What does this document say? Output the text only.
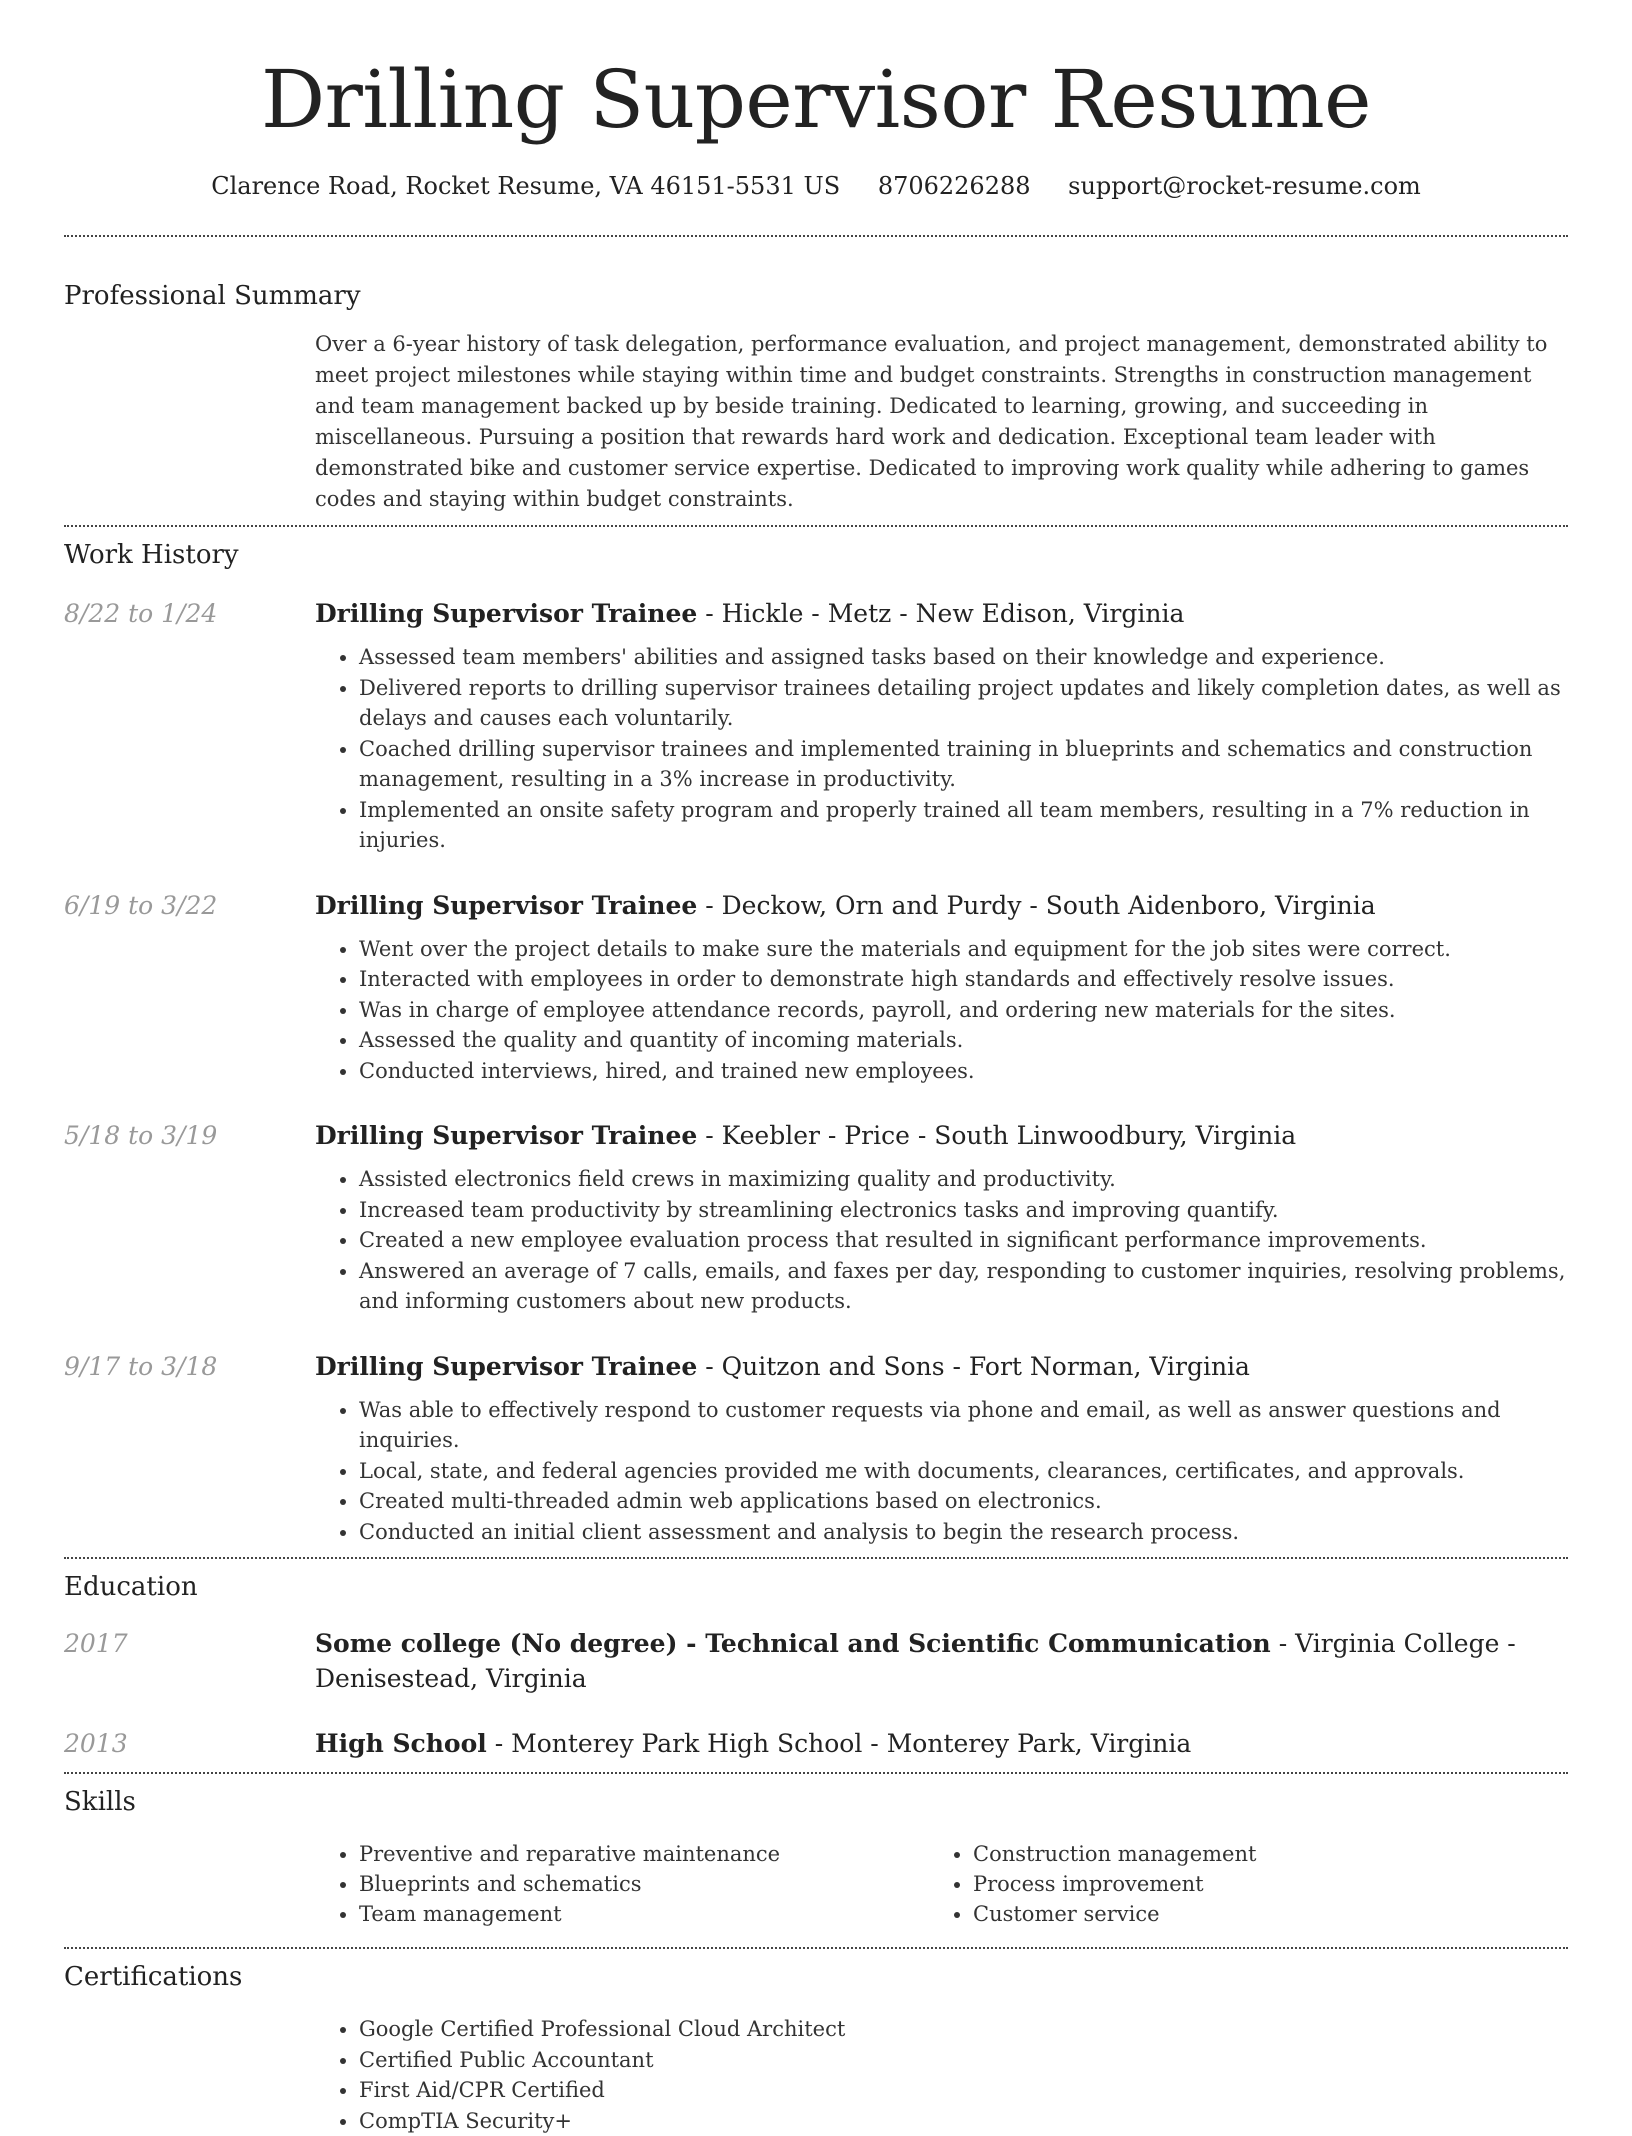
Drilling Supervisor Resume
Clarence Road, Rocket Resume, VA 46151-5531 US 8706226288 support@rocket-resume.com
Professional Summary
Over a 6-year history of task delegation, performance evaluation, and project management, demonstrated ability to meet project milestones while staying within time and budget constraints. Strengths in construction management and team management backed up by beside training. Dedicated to learning, growing, and succeeding in miscellaneous. Pursuing a position that rewards hard work and dedication. Exceptional team leader with demonstrated bike and customer service expertise. Dedicated to improving work quality while adhering to games codes and staying within budget constraints.
Work History
8/22 to 1/24	Drilling Supervisor Trainee - Hickle - Metz - New Edison, Virginia
• Assessed team members' abilities and assigned tasks based on their knowledge and experience.
• Delivered reports to drilling supervisor trainees detailing project updates and likely completion dates, as well as delays and causes each voluntarily.
• Coached drilling supervisor trainees and implemented training in blueprints and schematics and construction management, resulting in a 3% increase in productivity.
• Implemented an onsite safety program and properly trained all team members, resulting in a 7% reduction in injuries.
6/19 to 3/22	Drilling Supervisor Trainee - Deckow, Orn and Purdy - South Aidenboro, Virginia
• Went over the project details to make sure the materials and equipment for the job sites were correct.
• Interacted with employees in order to demonstrate high standards and effectively resolve issues.
• Was in charge of employee attendance records, payroll, and ordering new materials for the sites.
• Assessed the quality and quantity of incoming materials.
• Conducted interviews, hired, and trained new employees.
5/18 to 3/19	Drilling Supervisor Trainee - Keebler - Price - South Linwoodbury, Virginia
• Assisted electronics field crews in maximizing quality and productivity.
• Increased team productivity by streamlining electronics tasks and improving quantify.
• Created a new employee evaluation process that resulted in significant performance improvements.
• Answered an average of 7 calls, emails, and faxes per day, responding to customer inquiries, resolving problems, and informing customers about new products.
9/17 to 3/18	Drilling Supervisor Trainee - Quitzon and Sons - Fort Norman, Virginia
• Was able to effectively respond to customer requests via phone and email, as well as answer questions and inquiries.
• Local, state, and federal agencies provided me with documents, clearances, certificates, and approvals.
• Created multi-threaded admin web applications based on electronics.
• Conducted an initial client assessment and analysis to begin the research process.
Education
2017	Some college (No degree) - Technical and Scientific Communication - Virginia College - Denisestead, Virginia
2013	High School - Monterey Park High School - Monterey Park, Virginia
Skills
• Preventive and reparative maintenance
• Blueprints and schematics
• Team management
• Construction management
• Process improvement
• Customer service
Certifications
• Google Certified Professional Cloud Architect
• Certified Public Accountant
• First Aid/CPR Certified
• CompTIA Security+
